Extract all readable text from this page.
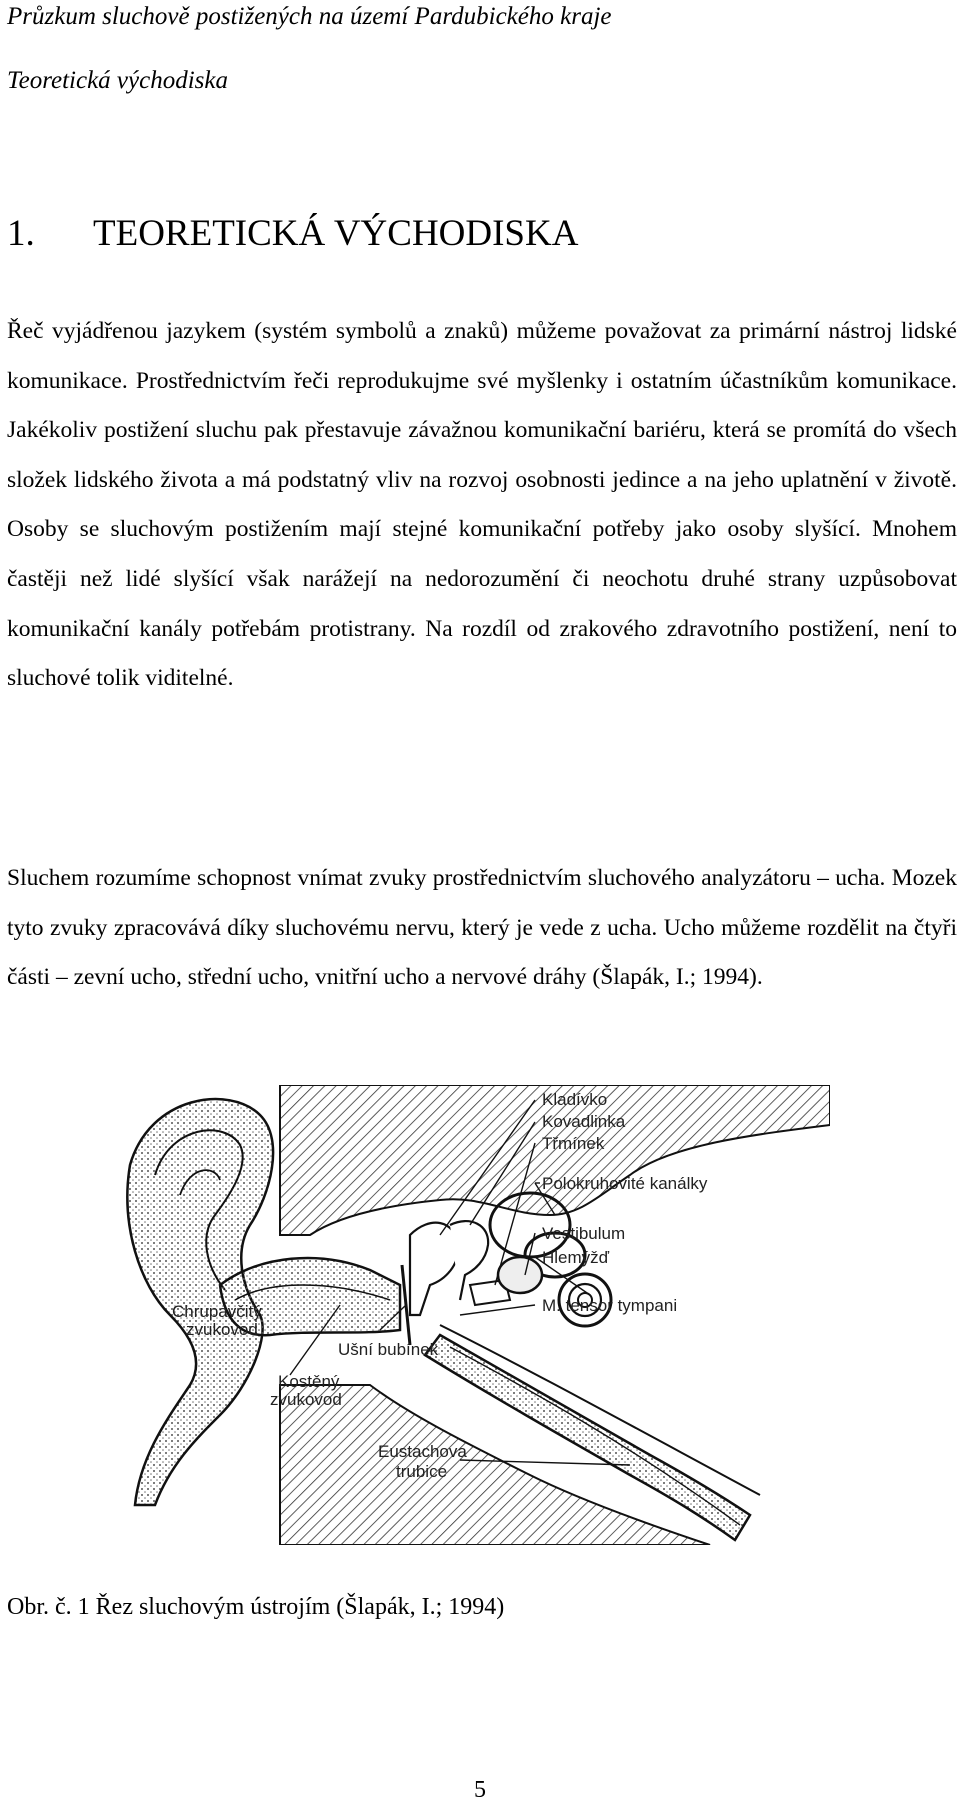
Průzkum sluchově postižených na území Pardubického kraje
Teoretická východiska
1. TEORETICKÁ VÝCHODISKA

Řeč vyjádřenou jazykem (systém symbolů a znaků) můžeme považovat za primární nástroj lidské komunikace. Prostřednictvím řeči reprodukujme své myšlenky i ostatním účastníkům komunikace. Jakékoliv postižení sluchu pak přestavuje závažnou komunikační bariéru, která se promítá do všech složek lidského života a má podstatný vliv na rozvoj osobnosti jedince a na jeho uplatnění v životě. Osoby se sluchovým postižením mají stejné komunikační potřeby jako osoby slyšící. Mnohem častěji než lidé slyšící však narážejí na nedorozumění či neochotu druhé strany uzpůsobovat komunikační kanály potřebám protistrany. Na rozdíl od zrakového zdravotního postižení, není to sluchové tolik viditelné.

Sluchem rozumíme schopnost vnímat zvuky prostřednictvím sluchového analyzátoru – ucha. Mozek tyto zvuky zpracovává díky sluchovému nervu, který je vede z ucha. Ucho můžeme rozdělit na čtyři části – zevní ucho, střední ucho, vnitřní ucho a nervové dráhy (Šlapák, I.; 1994).

Kladívko
Kovadlinka
Třmínek
Polokruhovité kanálky
Vestibulum
Hlemýžď
M. tensor tympani
Chrupavčitý
zvukovod
Ušní bubínek
Kostěný
zvukovod
Eustachova
trubice
Obr. č. 1 Řez sluchovým ústrojím (Šlapák, I.; 1994)
5
